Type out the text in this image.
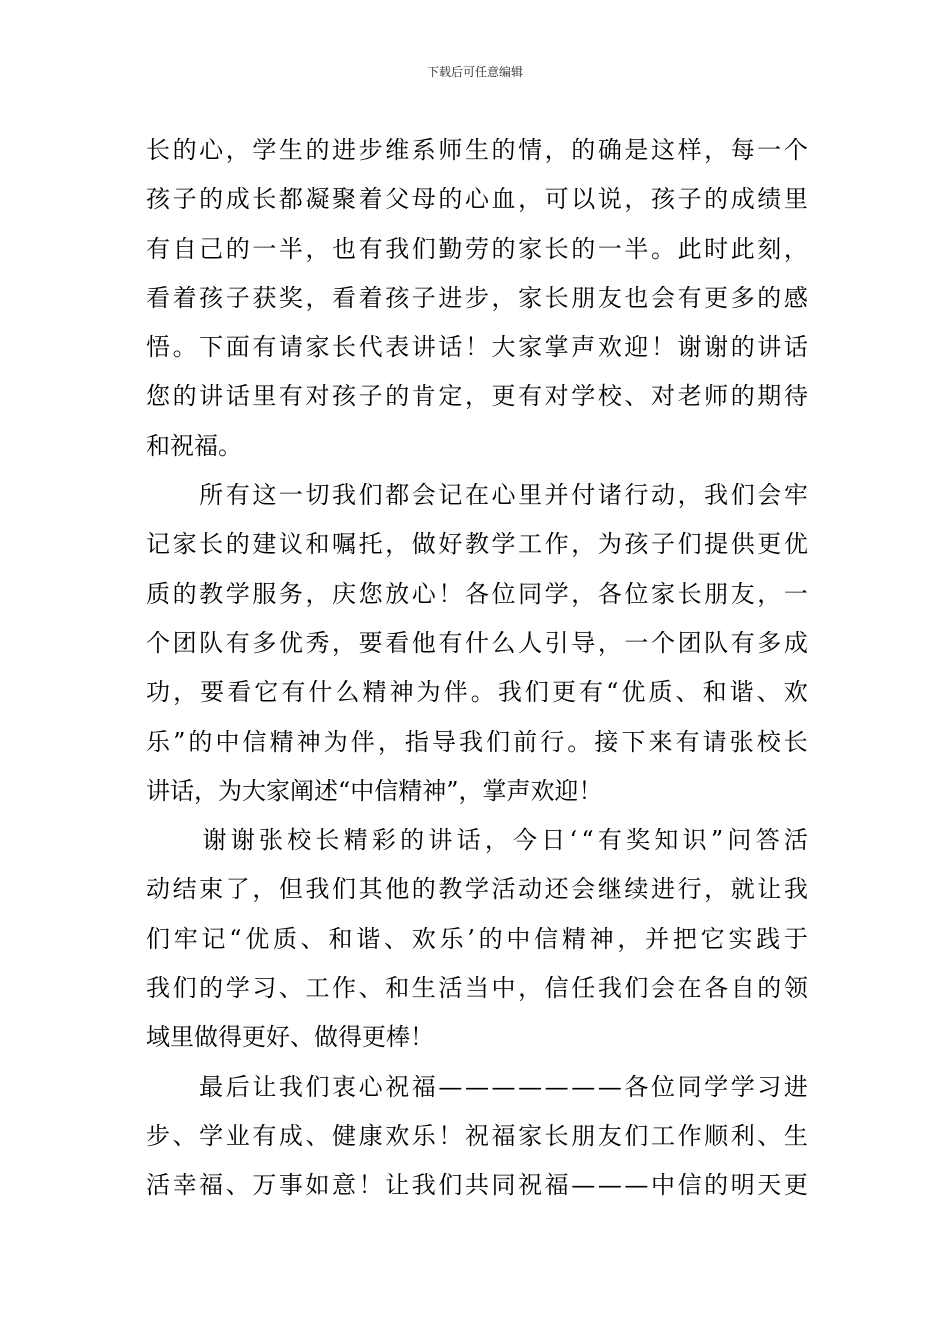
下载后可任意编辑
长 的 心 ， 学 生 的 进 步 维 系 师 生 的 情 ， 的 确 是 这 样 ， 每 一 个
孩 子 的 成 长 都 凝 聚 着 父 母 的 心 血 ， 可 以 说 ， 孩 子 的 成 绩 里
有 自 己 的 一 半 ， 也 有 我 们 勤 劳 的 家 长 的 一 半 。 此 时 此 刻 ，
看 着 孩 子 获 奖 ， 看 着 孩 子 进 步 ， 家 长 朋 友 也 会 有 更 多 的 感
悟 。 下 面 有 请 家 长 代 表 讲 话 ！ 大 家 掌 声 欢 迎 ！ 谢 谢 的 讲 话
您 的 讲 话 里 有 对 孩 子 的 肯 定 ， 更 有 对 学 校 、 对 老 师 的 期 待
和祝福。

所 有 这 一 切 我 们 都 会 记 在 心 里 并 付 诸 行 动 ， 我 们 会 牢
记 家 长 的 建 议 和 嘱 托 ， 做 好 教 学 工 作 ， 为 孩 子 们 提 供 更 优
质 的 教 学 服 务 ， 庆 您 放 心 ！ 各 位 同 学 ， 各 位 家 长 朋 友 ， 一
个 团 队 有 多 优 秀 ， 要 看 他 有 什 么 人 引 导 ， 一 个 团 队 有 多 成
功 ， 要 看 它 有 什 么 精 神 为 伴 。 我 们 更 有 “ 优 质 、 和 谐 、 欢
乐 ” 的 中 信 精 神 为 伴 ， 指 导 我 们 前 行 。 接 下 来 有 请 张 校 长
讲话，为大家阐述“中信精神”，掌声欢迎！

谢 谢 张 校 长 精 彩 的 讲 话 ， 今 日 ‘ “ 有 奖 知 识 ” 问 答 活
动 结 束 了 ， 但 我 们 其 他 的 教 学 活 动 还 会 继 续 进 行 ， 就 让 我
们 牢 记 “ 优 质 、 和 谐 、 欢 乐 ’ 的 中 信 精 神 ， 并 把 它 实 践 于
我 们 的 学 习 、 工 作 、 和 生 活 当 中 ， 信 任 我 们 会 在 各 自 的 领
域里做得更好、做得更棒！

最 后 让 我 们 衷 心 祝 福 — — — — — — — 各 位 同 学 学 习 进
步 、 学 业 有 成 、 健 康 欢 乐 ！ 祝 福 家 长 朋 友 们 工 作 顺 利 、 生
活 幸 福 、 万 事 如 意 ！ 让 我 们 共 同 祝 福 — — — 中 信 的 明 天 更
